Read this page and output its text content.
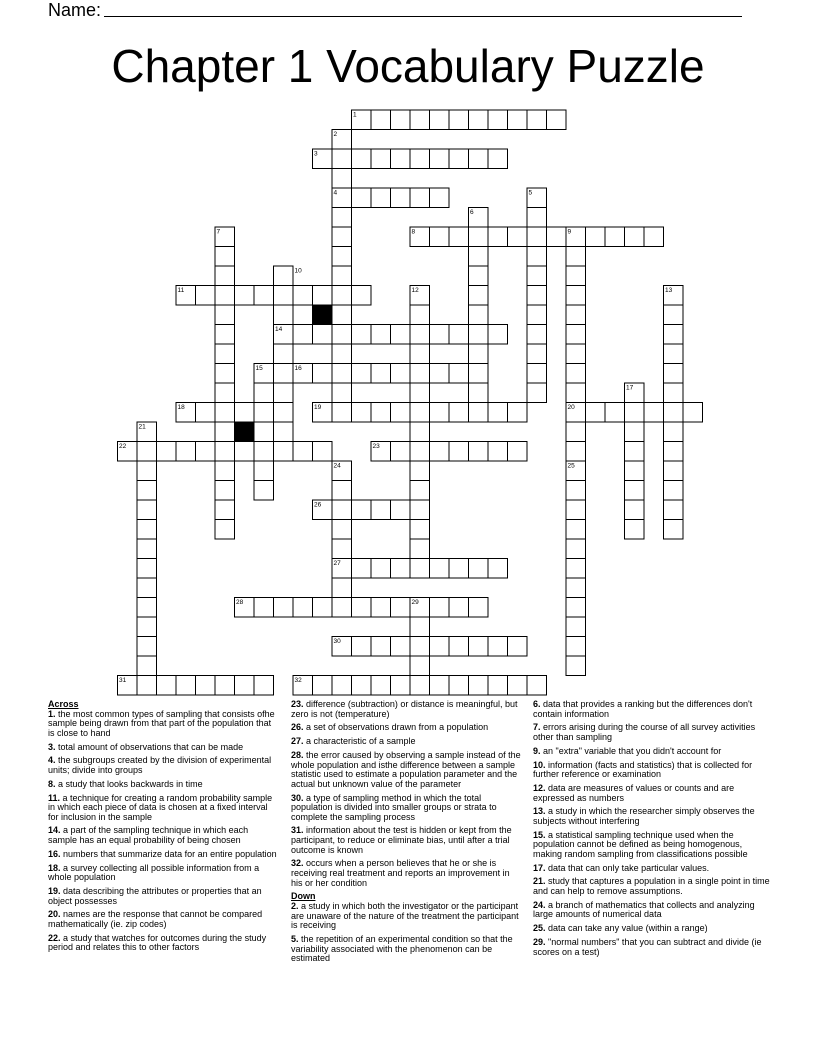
Name:
Chapter 1 Vocabulary Puzzle
1
2
3
4	5
6
7	8	9
10
11	12	13
14
15	16
17
18	19	20
21
22	23
24	25
26
27
28	29
30
31	32
Across
1. the most common types of sampling that consists ofhe sample being drawn from that part of the population that is close to hand
3. total amount of observations that can be made
4. the subgroups created by the division of experimental units; divide into groups
8. a study that looks backwards in time
11. a technique for creating a random probability sample in which each piece of data is chosen at a fixed interval for inclusion in the sample
14. a part of the sampling technique in which each sample has an equal probability of being chosen
16. numbers that summarize data for an entire population
18. a survey collecting all possible information from a whole population
19. data describing the attributes or properties that an object possesses
20. names are the response that cannot be compared mathematically (ie. zip codes)
22. a study that watches for outcomes during the study period and relates this to other factors
23. difference (subtraction) or distance is meaningful, but zero is not (temperature)
26. a set of observations drawn from a population
27. a characteristic of a sample
28. the error caused by observing a sample instead of the whole population and isthe difference between a sample statistic used to estimate a population parameter and the actual but unknown value of the parameter
30. a type of sampling method in which the total population is divided into smaller groups or strata to complete the sampling process
31. information about the test is hidden or kept from the participant, to reduce or eliminate bias, until after a trial outcome is known
32. occurs when a person believes that he or she is receiving real treatment and reports an improvement in his or her condition
Down
2. a study in which both the investigator or the participant are unaware of the nature of the treatment the participant is receiving
5. the repetition of an experimental condition so that the variability associated with the phenomenon can be estimated
6. data that provides a ranking but the differences don't contain information
7. errors arising during the course of all survey activities other than sampling
9. an "extra" variable that you didn't account for
10. information (facts and statistics) that is collected for further reference or examination
12. data are measures of values or counts and are expressed as numbers
13. a study in which the researcher simply observes the subjects without interfering
15. a statistical sampling technique used when the population cannot be defined as being homogenous, making random sampling from classifications possible
17. data that can only take particular values.
21. study that captures a population in a single point in time and can help to remove assumptions.
24. a branch of mathematics that collects and analyzing large amounts of numerical data
25. data can take any value (within a range)
29. "normal numbers" that you can subtract and divide (ie scores on a test)
